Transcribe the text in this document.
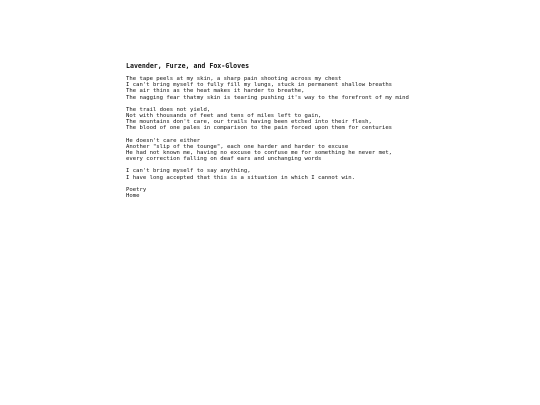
Lavender, Furze, and Fox-Gloves
The tape peels at my skin, a sharp pain shooting across my chest
I can't bring myself to fully fill my lungs, stuck in permanent shallow breaths
The air thins as the heat makes it harder to breathe,
The nagging fear thatmy skin is tearing pushing it's way to the forefront of my mind
The trail does not yield,
Not with thousands of feet and tens of miles left to gain,
The mountains don't care, our trails having been etched into their flesh,
The blood of one pales in comparison to the pain forced upon them for centuries
He doesn't care either
Another "slip of the tounge", each one harder and harder to excuse
He had not known me, having no excuse to confuse me for something he never met,
every correction falling on deaf ears and unchanging words
I can't bring myself to say anything,
I have long accepted that this is a situation in which I cannot win.
Poetry
Home
